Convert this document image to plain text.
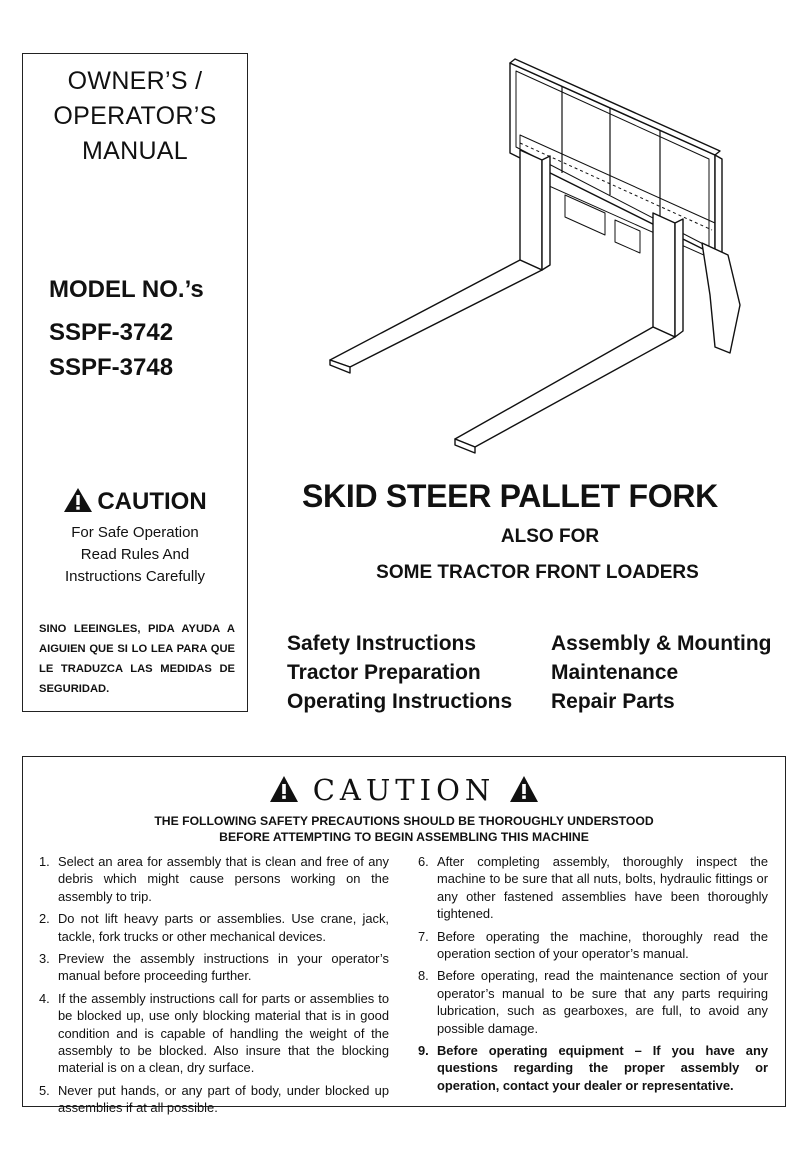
OWNER’S /
OPERATOR’S
MANUAL
MODEL NO.’s
SSPF-3742
SSPF-3748
CAUTION
For Safe Operation
Read Rules And
Instructions Carefully
SINO LEEINGLES, PIDA AYUDA A AIGUIEN QUE SI LO LEA PARA QUE LE TRADUZCA LAS MEDIDAS DE SEGURIDAD.
SKID STEER PALLET FORK
ALSO FOR
SOME TRACTOR FRONT LOADERS
Safety Instructions
Tractor Preparation
Operating Instructions
Assembly & Mounting
Maintenance
Repair Parts
CAUTION
THE FOLLOWING SAFETY PRECAUTIONS SHOULD BE THOROUGHLY UNDERSTOOD
BEFORE ATTEMPTING TO BEGIN ASSEMBLING THIS MACHINE
1. Select an area for assembly that is clean and free of any debris which might cause persons working on the assembly to trip.
2. Do not lift heavy parts or assemblies. Use crane, jack, tackle, fork trucks or other mechanical devices.
3. Preview the assembly instructions in your operator’s manual before proceeding further.
4. If the assembly instructions call for parts or assemblies to be blocked up, use only blocking material that is in good condition and is capable of handling the weight of the assembly to be blocked. Also insure that the blocking material is on a clean, dry surface.
5. Never put hands, or any part of body, under blocked up assemblies if at all possible.
6. After completing assembly, thoroughly inspect the machine to be sure that all nuts, bolts, hydraulic fittings or any other fastened assemblies have been thoroughly tightened.
7. Before operating the machine, thoroughly read the operation section of your operator’s manual.
8. Before operating, read the maintenance section of your operator’s manual to be sure that any parts requiring lubrication, such as gearboxes, are full, to avoid any possible damage.
9. Before operating equipment – If you have any questions regarding the proper assembly or operation, contact your dealer or representative.
